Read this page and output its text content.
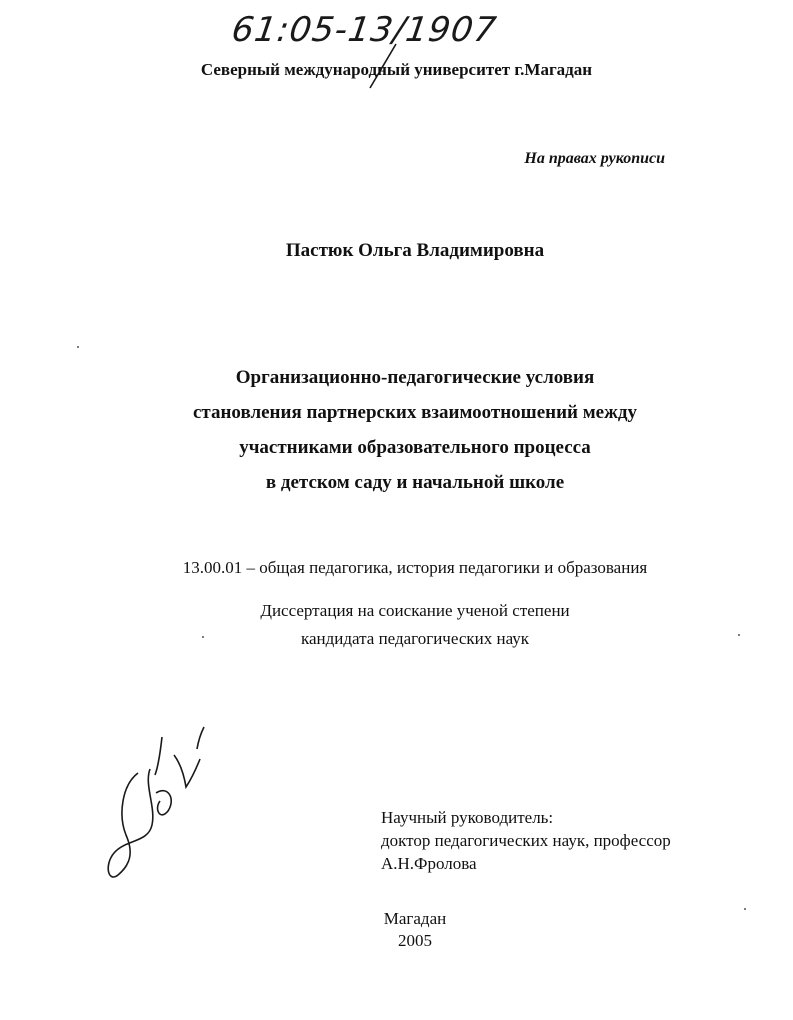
61:05-13/1907
Северный международный университет г.Магадан
На правах рукописи
Пастюк Ольга Владимировна
Организационно-педагогические условия
становления партнерских взаимоотношений между
участниками образовательного процесса
в детском саду и начальной школе
13.00.01 – общая педагогика, история педагогики и образования
Диссертация на соискание ученой степени
кандидата педагогических наук
Научный руководитель:
доктор педагогических наук, профессор
А.Н.Фролова
Магадан
2005
